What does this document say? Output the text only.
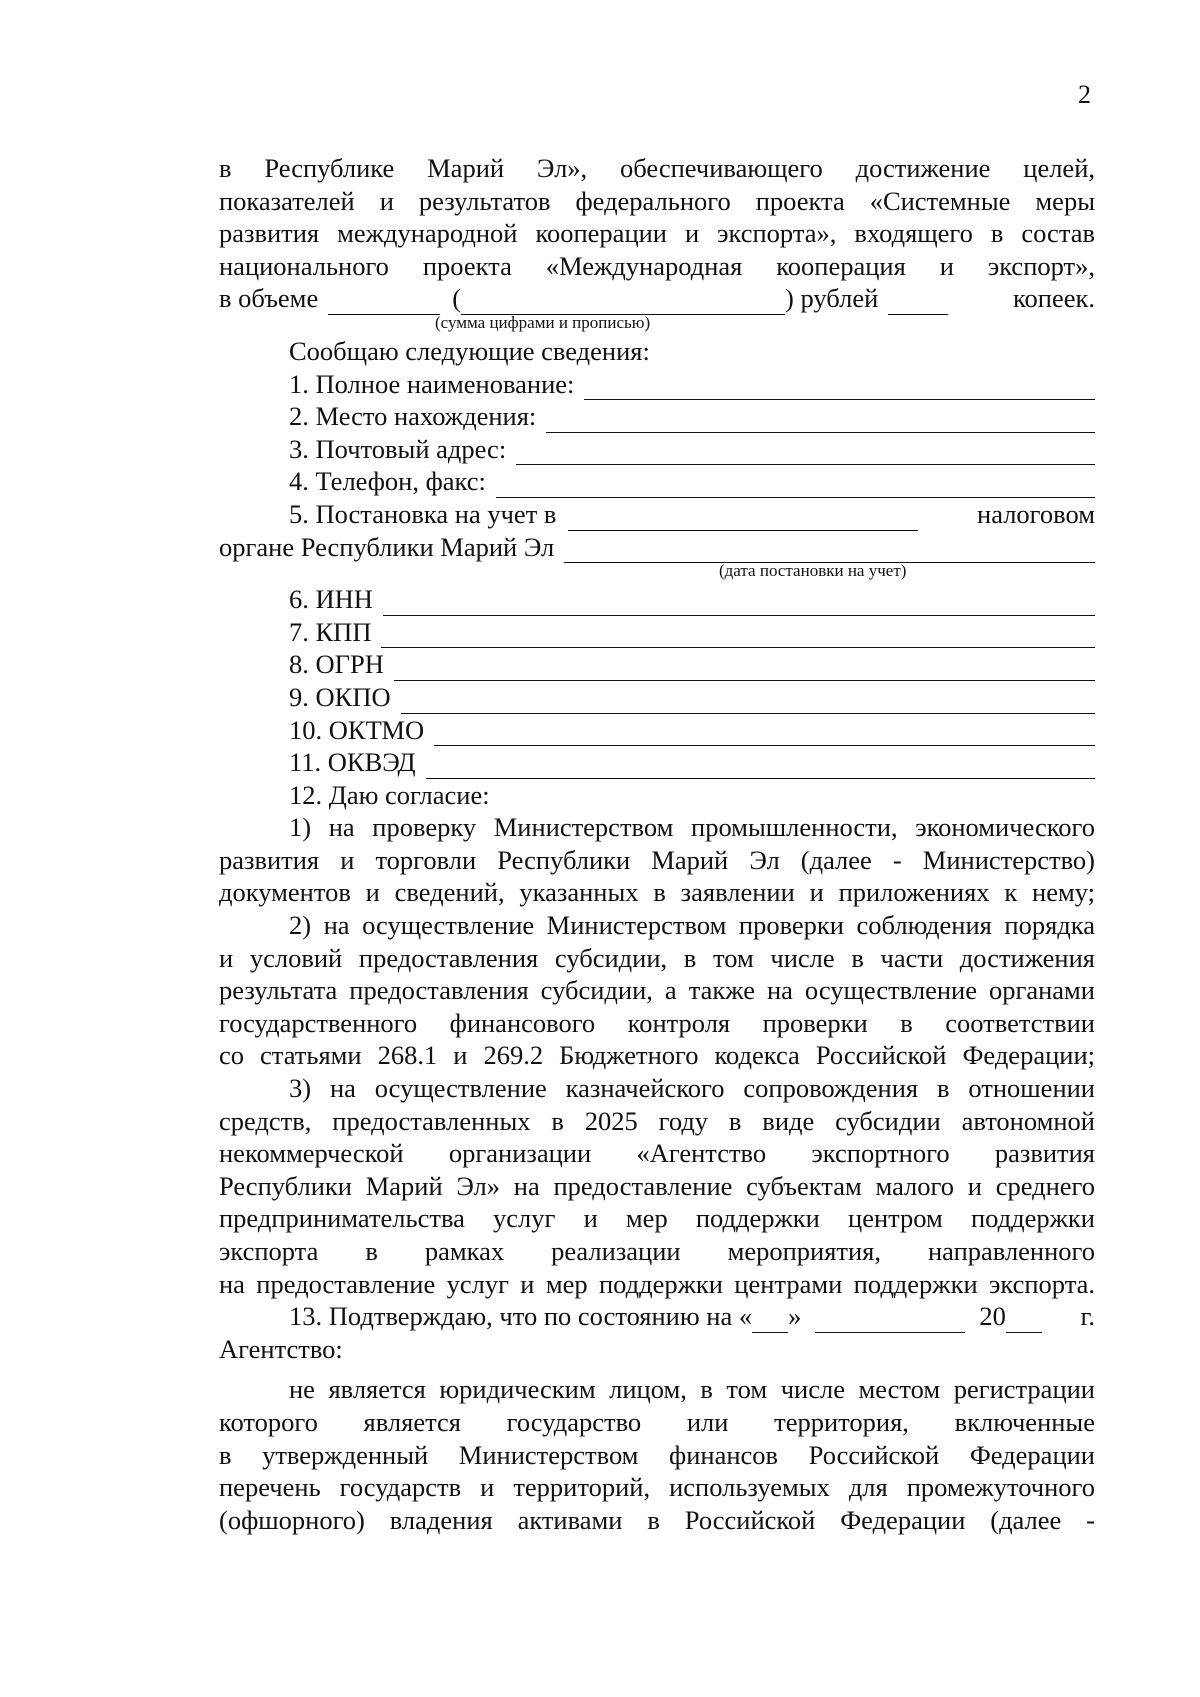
2
в Республике Марий Эл», обеспечивающего достижение целей,
показателей и результатов федерального проекта «Системные меры
развития международной кооперации и экспорта», входящего в состав
национального проекта «Международная кооперация и экспорт»,
в объеме	(	) рублей	копеек.
(сумма цифрами и прописью)
Сообщаю следующие сведения:
1. Полное наименование:
2. Место нахождения:
3. Почтовый адрес:
4. Телефон, факс:
5. Постановка на учет в	налоговом
органе Республики Марий Эл
(дата постановки на учет)
6. ИНН
7. КПП
8. ОГРН
9. ОКПО
10. ОКТМО
11. ОКВЭД
12. Даю согласие:
1) на проверку Министерством промышленности, экономического
развития и торговли Республики Марий Эл (далее - Министерство)
документов и сведений, указанных в заявлении и приложениях к нему;
2) на осуществление Министерством проверки соблюдения порядка
и условий предоставления субсидии, в том числе в части достижения
результата предоставления субсидии, а также на осуществление органами
государственного финансового контроля проверки в соответствии
со статьями 268.1 и 269.2 Бюджетного кодекса Российской Федерации;
3) на осуществление казначейского сопровождения в отношении
средств, предоставленных в 2025 году в виде субсидии автономной
некоммерческой организации «Агентство экспортного развития
Республики Марий Эл» на предоставление субъектам малого и среднего
предпринимательства услуг и мер поддержки центром поддержки
экспорта в рамках реализации мероприятия, направленного
на предоставление услуг и мер поддержки центрами поддержки экспорта.
13. Подтверждаю, что по состоянию на « »	20	г.
Агентство:
не является юридическим лицом, в том числе местом регистрации
которого является государство или территория, включенные
в утвержденный Министерством финансов Российской Федерации
перечень государств и территорий, используемых для промежуточного
(офшорного) владения активами в Российской Федерации (далее -
